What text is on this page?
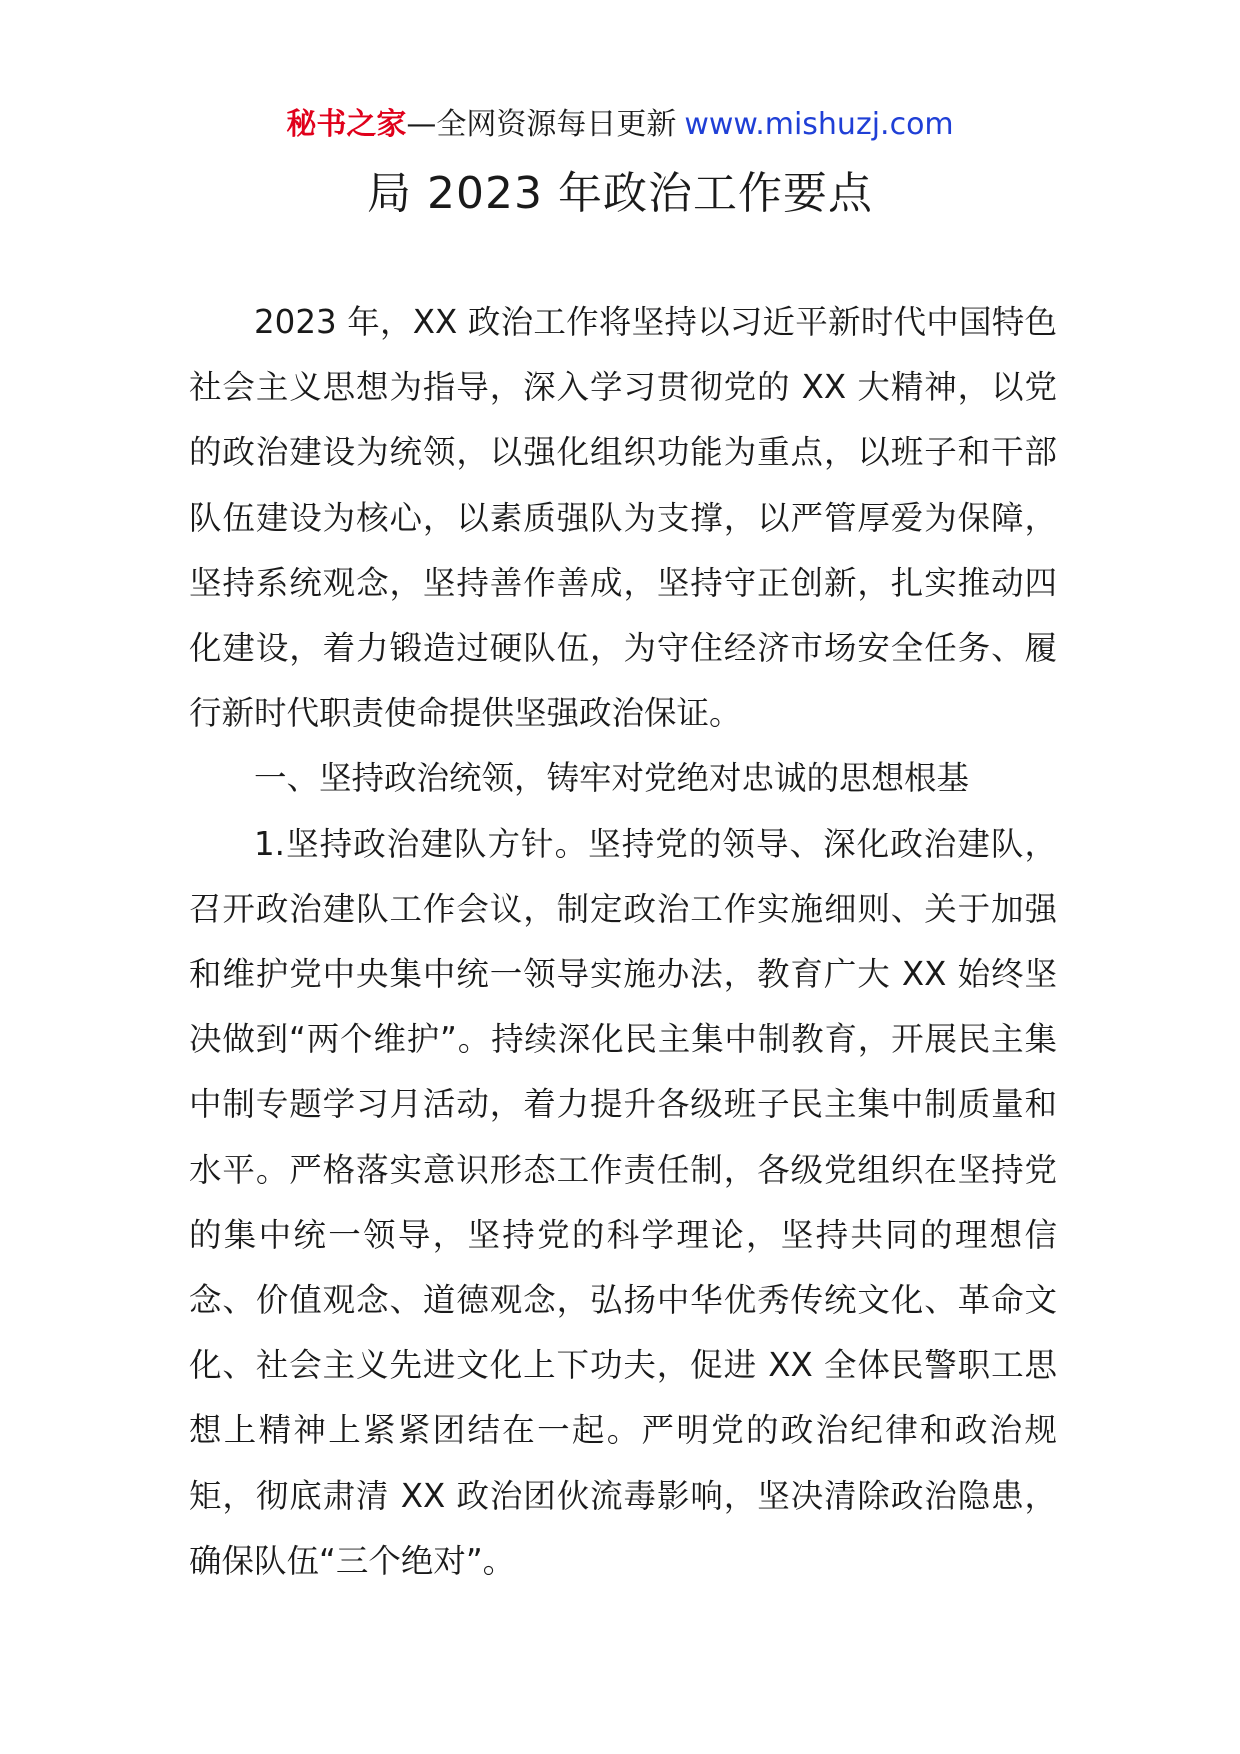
秘书之家—全网资源每日更新 www.mishuzj.com
局 2023 年政治工作要点

2023 年，XX 政治工作将坚持以习近平新时代中国特色社会主义思想为指导，深入学习贯彻党的 XX 大精神，以党的政治建设为统领，以强化组织功能为重点，以班子和干部队伍建设为核心，以素质强队为支撑，以严管厚爱为保障，坚持系统观念，坚持善作善成，坚持守正创新，扎实推动四化建设，着力锻造过硬队伍，为守住经济市场安全任务、履行新时代职责使命提供坚强政治保证。

一、坚持政治统领，铸牢对党绝对忠诚的思想根基

1.坚持政治建队方针。坚持党的领导、深化政治建队，召开政治建队工作会议，制定政治工作实施细则、关于加强和维护党中央集中统一领导实施办法，教育广大 XX 始终坚决做到“两个维护”。持续深化民主集中制教育，开展民主集中制专题学习月活动，着力提升各级班子民主集中制质量和水平。严格落实意识形态工作责任制，各级党组织在坚持党的集中统一领导，坚持党的科学理论，坚持共同的理想信念、价值观念、道德观念，弘扬中华优秀传统文化、革命文化、社会主义先进文化上下功夫，促进 XX 全体民警职工思想上精神上紧紧团结在一起。严明党的政治纪律和政治规矩，彻底肃清 XX 政治团伙流毒影响，坚决清除政治隐患，确保队伍“三个绝对”。
